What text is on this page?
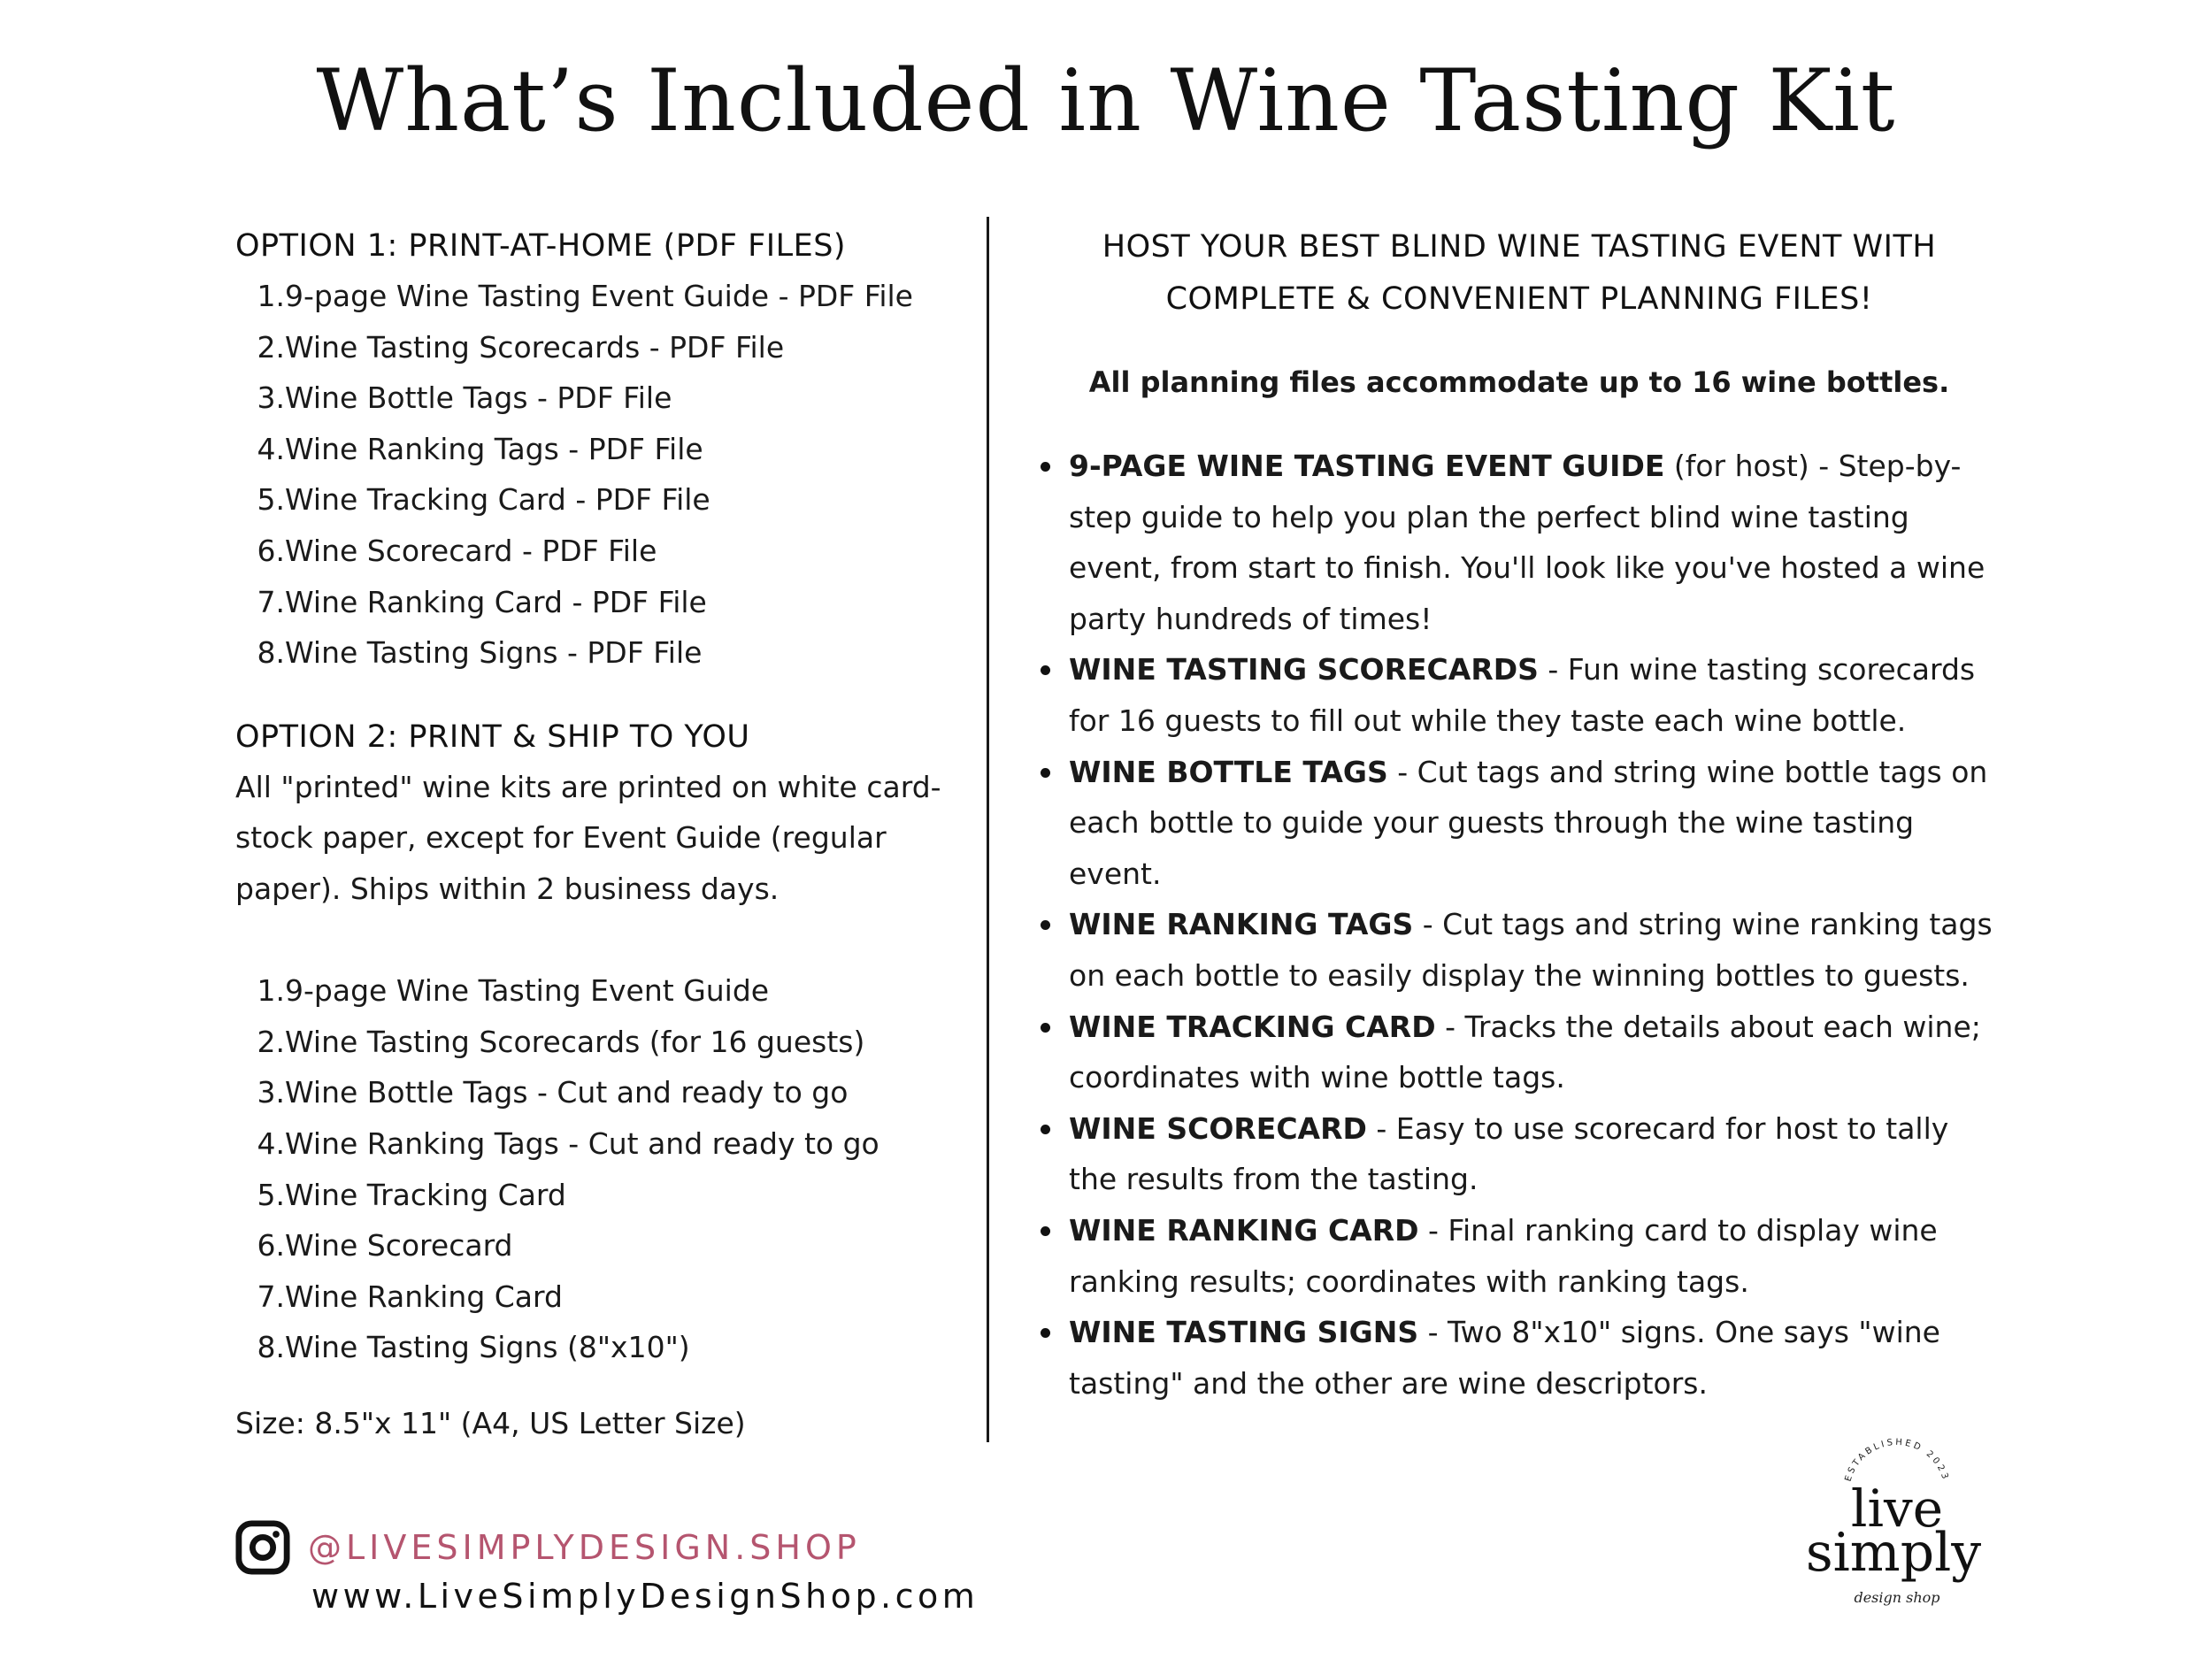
What’s Included in Wine Tasting Kit

OPTION 1: PRINT-AT-HOME (PDF FILES)

1. 9-page Wine Tasting Event Guide - PDF File
2. Wine Tasting Scorecards - PDF File
3. Wine Bottle Tags - PDF File
4. Wine Ranking Tags - PDF File
5. Wine Tracking Card - PDF File
6. Wine Scorecard - PDF File
7. Wine Ranking Card - PDF File
8. Wine Tasting Signs - PDF File

OPTION 2: PRINT & SHIP TO YOU

All "printed" wine kits are printed on white card-
stock paper, except for Event Guide (regular
paper). Ships within 2 business days.

1. 9-page Wine Tasting Event Guide
2. Wine Tasting Scorecards (for 16 guests)
3. Wine Bottle Tags - Cut and ready to go
4. Wine Ranking Tags - Cut and ready to go
5. Wine Tracking Card
6. Wine Scorecard
7. Wine Ranking Card
8. Wine Tasting Signs (8"x10")

Size: 8.5"x 11" (A4, US Letter Size)

HOST YOUR BEST BLIND WINE TASTING EVENT WITH
COMPLETE & CONVENIENT PLANNING FILES!

All planning files accommodate up to 16 wine bottles.

9-PAGE WINE TASTING EVENT GUIDE (for host) - Step-by-step guide to help you plan the perfect blind wine tasting event, from start to finish. You'll look like you've hosted a wine party hundreds of times!
WINE TASTING SCORECARDS - Fun wine tasting scorecards for 16 guests to fill out while they taste each wine bottle.
WINE BOTTLE TAGS - Cut tags and string wine bottle tags on each bottle to guide your guests through the wine tasting event.
WINE RANKING TAGS - Cut tags and string wine ranking tags on each bottle to easily display the winning bottles to guests.
WINE TRACKING CARD - Tracks the details about each wine; coordinates with wine bottle tags.
WINE SCORECARD - Easy to use scorecard for host to tally the results from the tasting.
WINE RANKING CARD - Final ranking card to display wine ranking results; coordinates with ranking tags.
WINE TASTING SIGNS - Two 8"x10" signs. One says "wine tasting" and the other are wine descriptors.
@LIVESIMPLYDESIGN.SHOP
www.LiveSimplyDesignShop.com
ESTABLISHED 2023
live
simply
design shop
